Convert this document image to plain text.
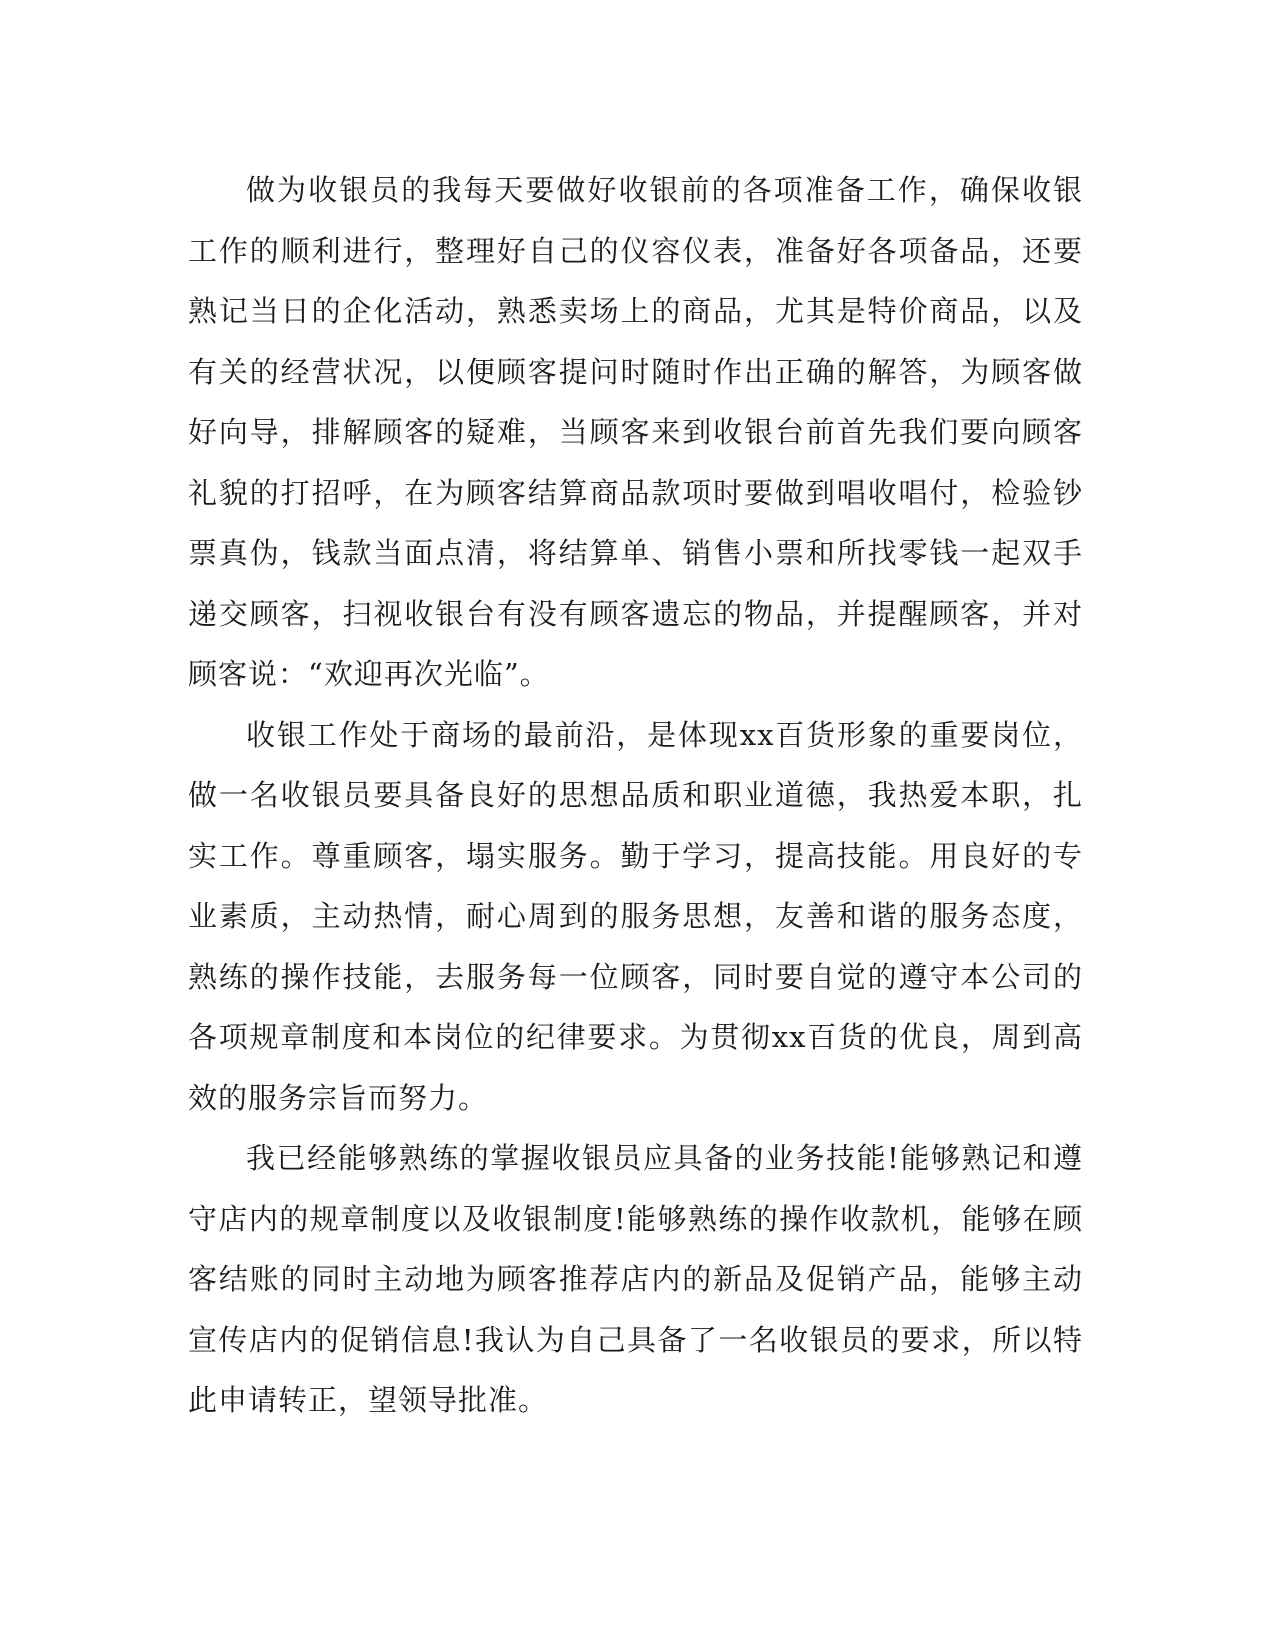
做为收银员的我每天要做好收银前的各项准备工作，确保收银工作的顺利进行，整理好自己的仪容仪表，准备好各项备品，还要熟记当日的企化活动，熟悉卖场上的商品，尤其是特价商品，以及有关的经营状况，以便顾客提问时随时作出正确的解答，为顾客做好向导，排解顾客的疑难，当顾客来到收银台前首先我们要向顾客礼貌的打招呼，在为顾客结算商品款项时要做到唱收唱付，检验钞票真伪，钱款当面点清，将结算单、销售小票和所找零钱一起双手递交顾客，扫视收银台有没有顾客遗忘的物品，并提醒顾客，并对顾客说：“欢迎再次光临”。

收银工作处于商场的最前沿，是体现xx百货形象的重要岗位，做一名收银员要具备良好的思想品质和职业道德，我热爱本职，扎实工作。尊重顾客，塌实服务。勤于学习，提高技能。用良好的专业素质，主动热情，耐心周到的服务思想，友善和谐的服务态度，熟练的操作技能，去服务每一位顾客，同时要自觉的遵守本公司的各项规章制度和本岗位的纪律要求。为贯彻xx百货的优良，周到高效的服务宗旨而努力。

我已经能够熟练的掌握收银员应具备的业务技能!能够熟记和遵守店内的规章制度以及收银制度!能够熟练的操作收款机，能够在顾客结账的同时主动地为顾客推荐店内的新品及促销产品，能够主动宣传店内的促销信息!我认为自己具备了一名收银员的要求，所以特此申请转正，望领导批准。
